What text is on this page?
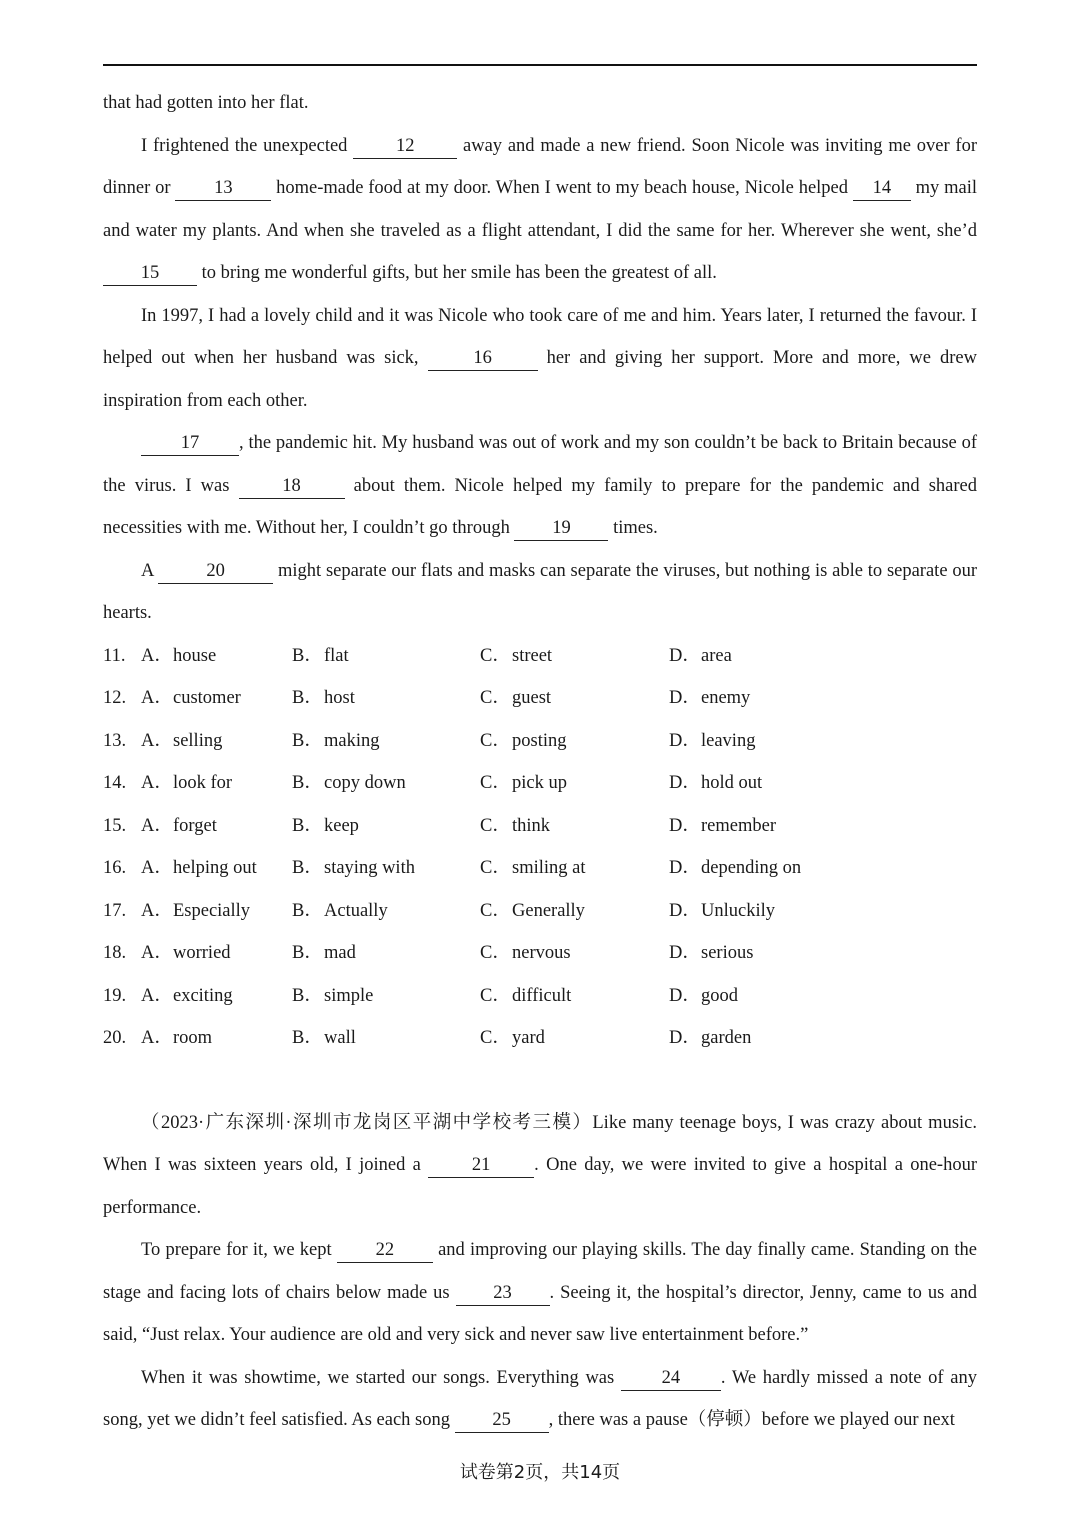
that had gotten into her flat.

I frightened the unexpected 12 away and made a new friend. Soon Nicole was inviting me over for dinner or 13 home-made food at my door. When I went to my beach house, Nicole helped 14 my mail and water my plants. And when she traveled as a flight attendant, I did the same for her. Wherever she went, she’d 15 to bring me wonderful gifts, but her smile has been the greatest of all.

In 1997, I had a lovely child and it was Nicole who took care of me and him. Years later, I returned the favour. I helped out when her husband was sick, 16 her and giving her support. More and more, we drew inspiration from each other.

17 , the pandemic hit. My husband was out of work and my son couldn’t be back to Britain because of the virus. I was 18 about them. Nicole helped my family to prepare for the pandemic and shared necessities with me. Without her, I couldn’t go through 19 times.

A	20	might separate our flats and masks can separate the viruses, but nothing is able to separate our hearts.

11. A． house	B． flat	C． street	D． area
12. A． customer	B． host	C． guest	D． enemy
13. A． selling	B． making	C． posting	D． leaving
14. A． look for	B． copy down	C． pick up	D． hold out
15. A． forget	B． keep	C． think	D． remember
16. A． helping out B． staying with	C． smiling at	D． depending on
17. A． Especially B． Actually	C． Generally	D． Unluckily
18. A． worried	B． mad	C． nervous	D． serious
19. A． exciting	B． simple	C． difficult	D． good
20. A． room	B． wall	C． yard	D． garden

（2023·广东深圳·深圳市龙岗区平湖中学校考三模）Like many teenage boys, I was crazy about music. When I was sixteen years old, I joined a 21 . One day, we were invited to give a hospital a one-hour performance.

To prepare for it, we kept 22 and improving our playing skills. The day finally came. Standing on the stage and facing lots of chairs below made us 23 . Seeing it, the hospital’s director, Jenny, came to us and said, “Just relax. Your audience are old and very sick and never saw live entertainment before.”

When it was showtime, we started our songs. Everything was 24 . We hardly missed a note of any song, yet we didn’t feel satisfied. As each song 25 , there was a pause（停顿）before we played our next

试卷第2页，共14页
